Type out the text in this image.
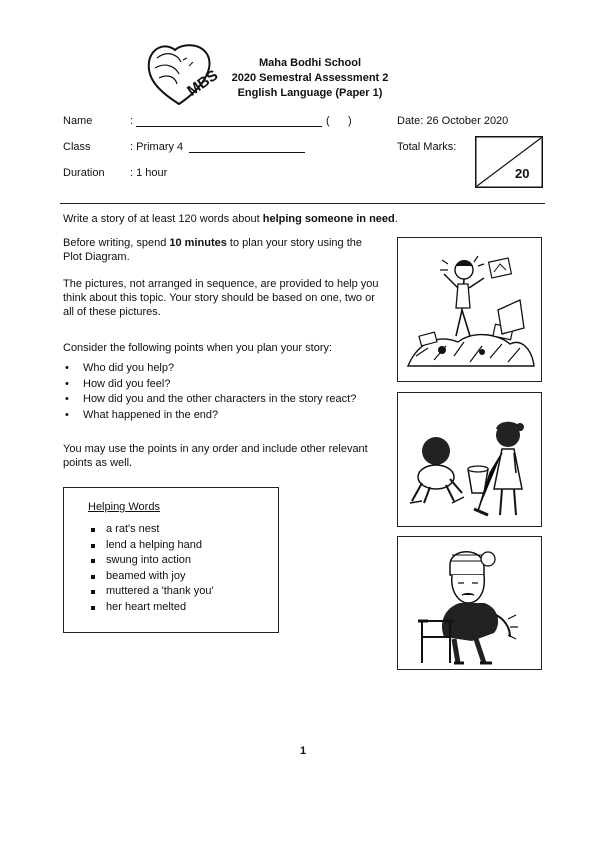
MBS
Maha Bodhi School
2020 Semestral Assessment 2
English Language (Paper 1)
Name	:	(      )	Date: 26 October 2020
Class	: Primary 4	Total Marks:
Duration : 1 hour	20
Write a story of at least 120 words about helping someone in need.
Before writing, spend 10 minutes to plan your story using the Plot Diagram.
The pictures, not arranged in sequence, are provided to help you think about this topic. Your story should be based on one, two or all of these pictures.
Consider the following points when you plan your story:
• Who did you help?
• How did you feel?
• How did you and the other characters in the story react?
• What happened in the end?
You may use the points in any order and include other relevant points as well.
Helping Words
a rat's nest
lend a helping hand
swung into action
beamed with joy
muttered a 'thank you'
her heart melted
1
